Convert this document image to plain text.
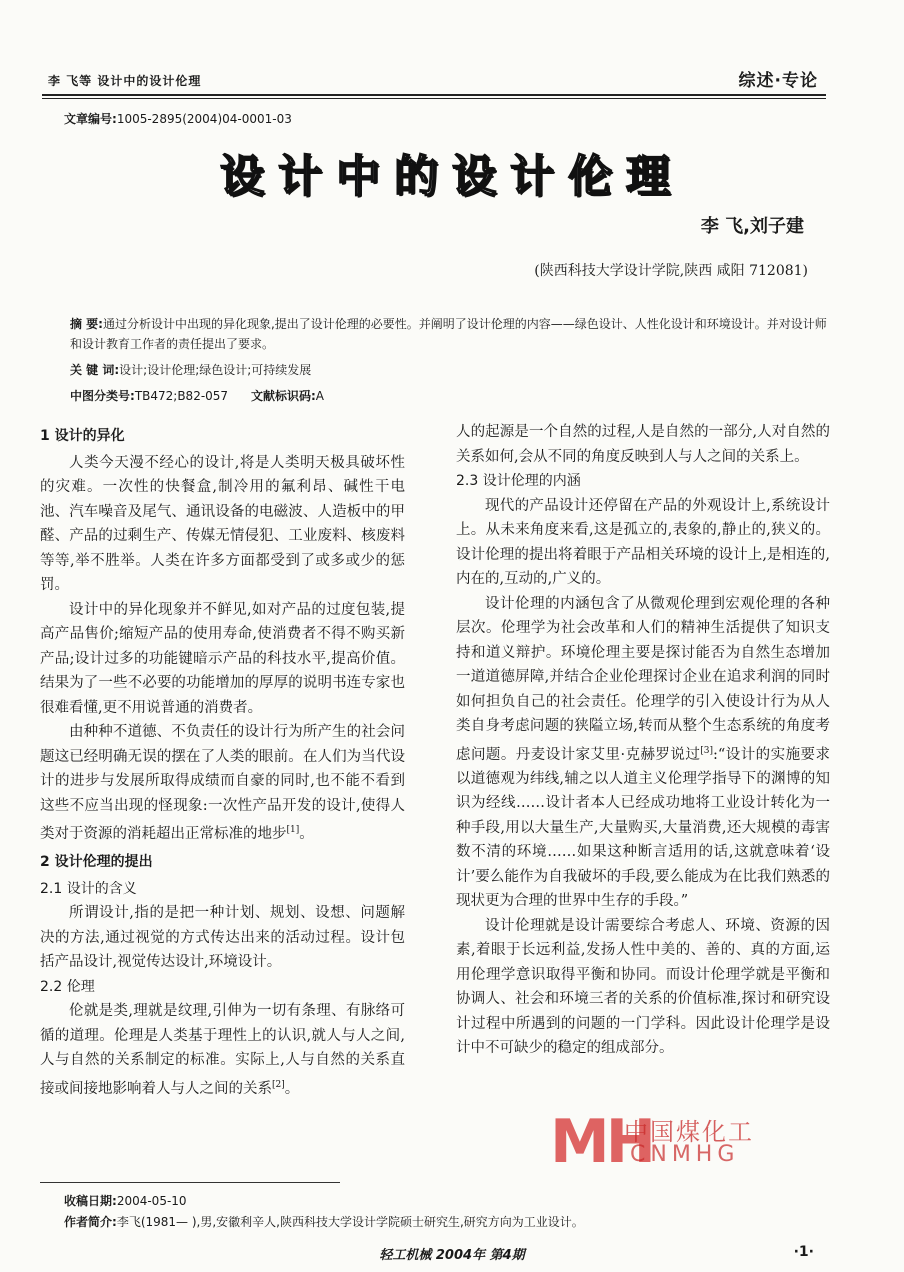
李 飞等 设计中的设计伦理	综述·专论
文章编号:1005-2895(2004)04-0001-03
设计中的设计伦理
李 飞,刘子建
(陕西科技大学设计学院,陕西 咸阳 712081)
摘 要:通过分析设计中出现的异化现象,提出了设计伦理的必要性。并阐明了设计伦理的内容——绿色设计、人性化设计和环境设计。并对设计师和设计教育工作者的责任提出了要求。
关 键 词:设计;设计伦理;绿色设计;可持续发展
中图分类号:TB472;B82-057 文献标识码:A

1 设计的异化

人类今天漫不经心的设计,将是人类明天极具破坏性的灾难。一次性的快餐盒,制冷用的氟利昂、碱性干电池、汽车噪音及尾气、通讯设备的电磁波、人造板中的甲醛、产品的过剩生产、传媒无情侵犯、工业废料、核废料等等,举不胜举。人类在许多方面都受到了或多或少的惩罚。

设计中的异化现象并不鲜见,如对产品的过度包装,提高产品售价;缩短产品的使用寿命,使消费者不得不购买新产品;设计过多的功能键暗示产品的科技水平,提高价值。结果为了一些不必要的功能增加的厚厚的说明书连专家也很难看懂,更不用说普通的消费者。

由种种不道德、不负责任的设计行为所产生的社会问题这已经明确无误的摆在了人类的眼前。在人们为当代设计的进步与发展所取得成绩而自豪的同时,也不能不看到这些不应当出现的怪现象:一次性产品开发的设计,使得人类对于资源的消耗超出正常标准的地步[1]。

2 设计伦理的提出

2.1 设计的含义

所谓设计,指的是把一种计划、规划、设想、问题解决的方法,通过视觉的方式传达出来的活动过程。设计包括产品设计,视觉传达设计,环境设计。

2.2 伦理

伦就是类,理就是纹理,引伸为一切有条理、有脉络可循的道理。伦理是人类基于理性上的认识,就人与人之间,人与自然的关系制定的标准。实际上,人与自然的关系直接或间接地影响着人与人之间的关系[2]。

人的起源是一个自然的过程,人是自然的一部分,人对自然的关系如何,会从不同的角度反映到人与人之间的关系上。

2.3 设计伦理的内涵

现代的产品设计还停留在产品的外观设计上,系统设计上。从未来角度来看,这是孤立的,表象的,静止的,狭义的。设计伦理的提出将着眼于产品相关环境的设计上,是相连的,内在的,互动的,广义的。

设计伦理的内涵包含了从微观伦理到宏观伦理的各种层次。伦理学为社会改革和人们的精神生活提供了知识支持和道义辩护。环境伦理主要是探讨能否为自然生态增加一道道德屏障,并结合企业伦理探讨企业在追求利润的同时如何担负自己的社会责任。伦理学的引入使设计行为从人类自身考虑问题的狭隘立场,转而从整个生态系统的角度考虑问题。丹麦设计家艾里·克赫罗说过[3]:“设计的实施要求以道德观为纬线,辅之以人道主义伦理学指导下的渊博的知识为经线……设计者本人已经成功地将工业设计转化为一种手段,用以大量生产,大量购买,大量消费,还大规模的毒害数不清的环境……如果这种断言适用的话,这就意味着‘设计’要么能作为自我破坏的手段,要么能成为在比我们熟悉的现状更为合理的世界中生存的手段。”

设计伦理就是设计需要综合考虑人、环境、资源的因素,着眼于长远利益,发扬人性中美的、善的、真的方面,运用伦理学意识取得平衡和协同。而设计伦理学就是平衡和协调人、社会和环境三者的关系的价值标准,探讨和研究设计过程中所遇到的问题的一门学科。因此设计伦理学是设计中不可缺少的稳定的组成部分。

MH
中国煤化工
CNMHG
收稿日期:2004-05-10
作者简介:李飞(1981— ),男,安徽利辛人,陕西科技大学设计学院硕士研究生,研究方向为工业设计。
轻工机械 2004年 第4期	·1·
